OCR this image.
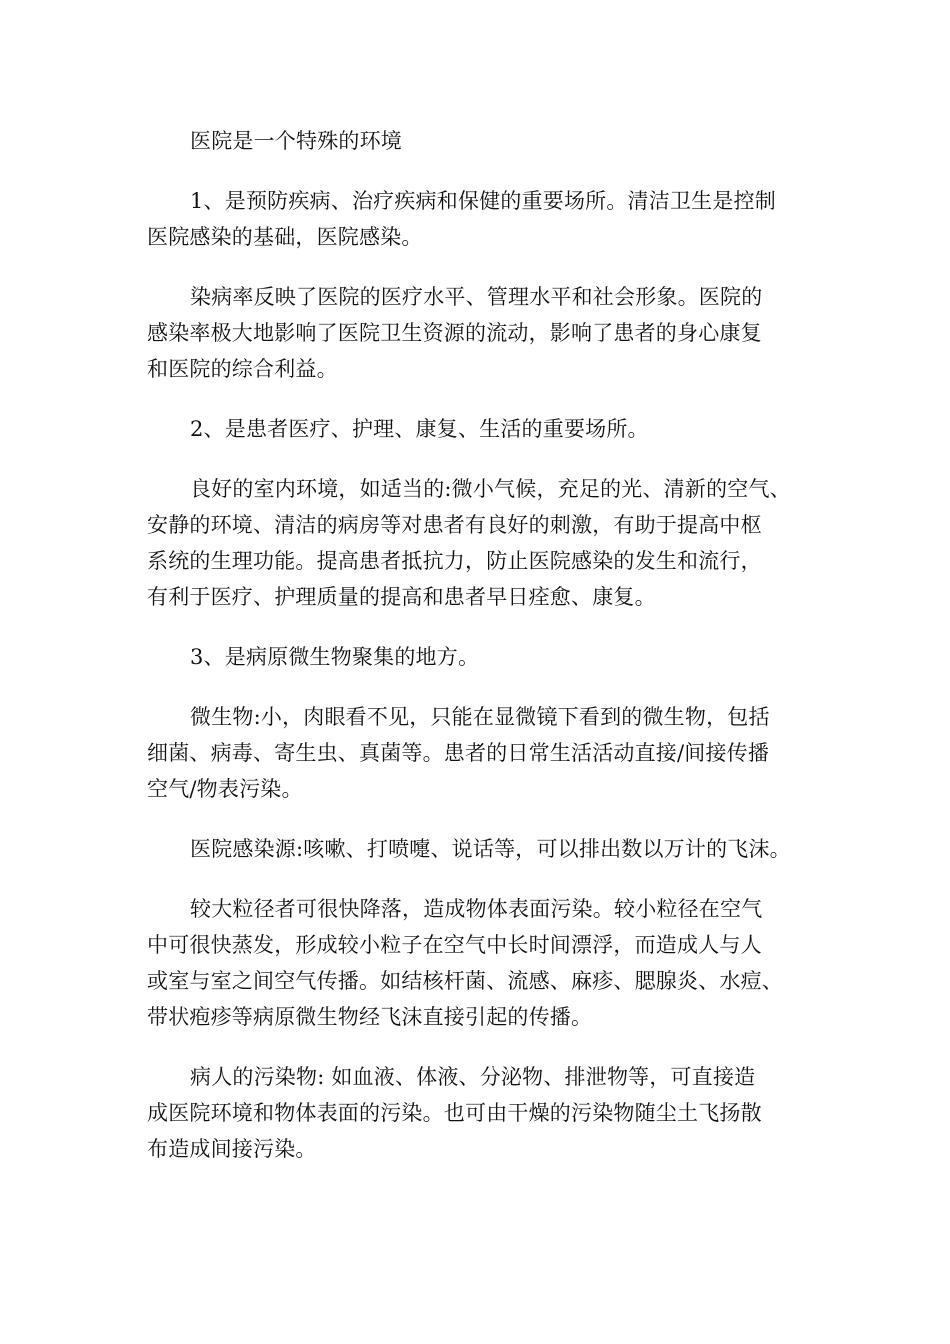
医院是一个特殊的环境

1、是预防疾病、治疗疾病和保健的重要场所。清洁卫生是控制
医院感染的基础，医院感染。

染病率反映了医院的医疗水平、管理水平和社会形象。医院的
感染率极大地影响了医院卫生资源的流动，影响了患者的身心康复
和医院的综合利益。

2、是患者医疗、护理、康复、生活的重要场所。

良好的室内环境，如适当的:微小气候，充足的光、清新的空气、
安静的环境、清洁的病房等对患者有良好的刺激，有助于提高中枢
系统的生理功能。提高患者抵抗力，防止医院感染的发生和流行，
有利于医疗、护理质量的提高和患者早日痊愈、康复。

3、是病原微生物聚集的地方。

微生物:小，肉眼看不见，只能在显微镜下看到的微生物，包括
细菌、病毒、寄生虫、真菌等。患者的日常生活活动直接/间接传播
空气/物表污染。

医院感染源:咳嗽、打喷嚏、说话等，可以排出数以万计的飞沫。

较大粒径者可很快降落，造成物体表面污染。较小粒径在空气
中可很快蒸发，形成较小粒子在空气中长时间漂浮，而造成人与人
或室与室之间空气传播。如结核杆菌、流感、麻疹、腮腺炎、水痘、
带状疱疹等病原微生物经飞沫直接引起的传播。

病人的污染物: 如血液、体液、分泌物、排泄物等，可直接造
成医院环境和物体表面的污染。也可由干燥的污染物随尘土飞扬散
布造成间接污染。
